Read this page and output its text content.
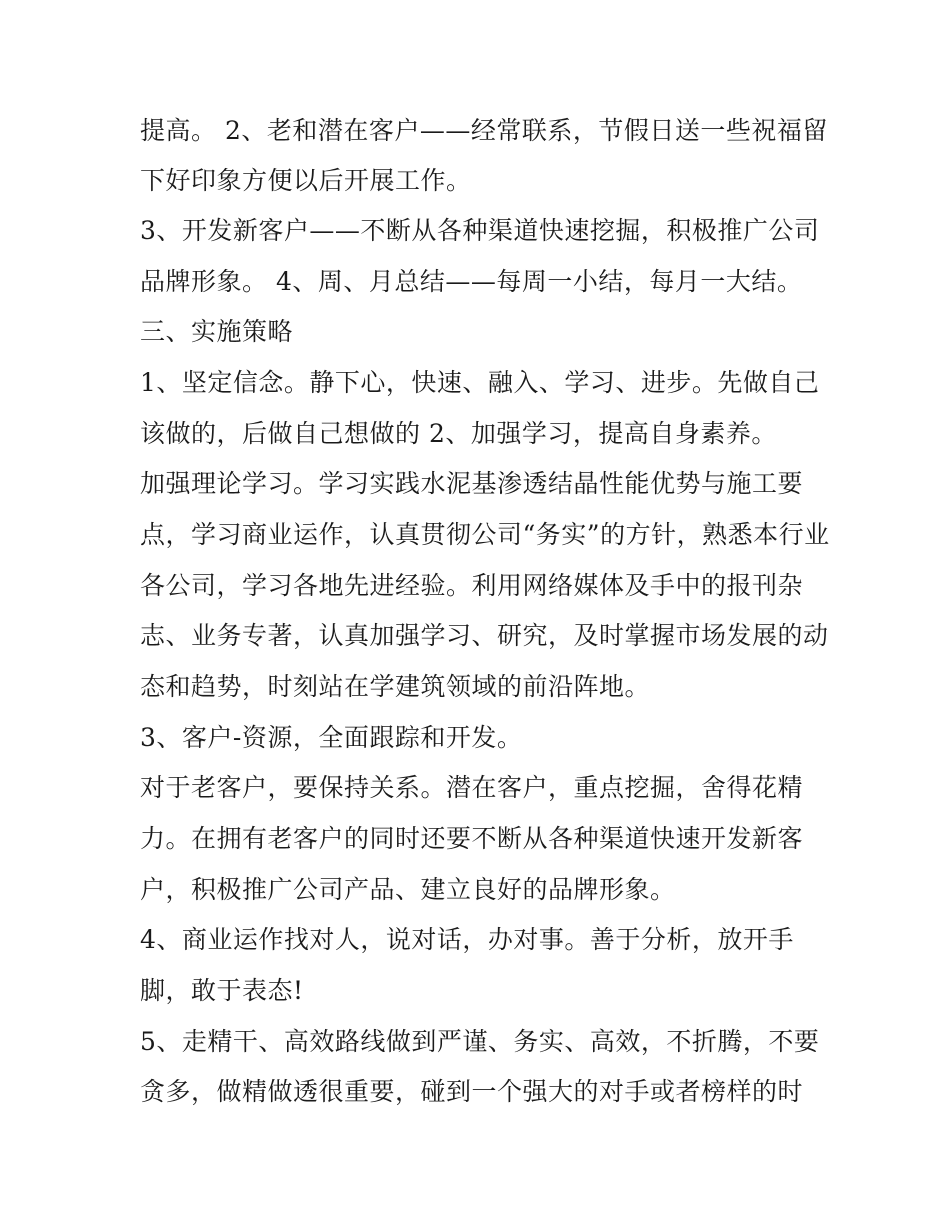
提高。 2、老和潜在客户——经常联系，节假日送一些祝福留
下好印象方便以后开展工作。
3、开发新客户——不断从各种渠道快速挖掘，积极推广公司
品牌形象。 4、周、月总结——每周一小结，每月一大结。
三、实施策略
1、坚定信念。静下心，快速、融入、学习、进步。先做自己
该做的，后做自己想做的 2、加强学习，提高自身素养。
加强理论学习。学习实践水泥基渗透结晶性能优势与施工要
点，学习商业运作，认真贯彻公司“务实”的方针，熟悉本行业
各公司，学习各地先进经验。利用网络媒体及手中的报刊杂
志、业务专著，认真加强学习、研究，及时掌握市场发展的动
态和趋势，时刻站在学建筑领域的前沿阵地。
3、客户-资源，全面跟踪和开发。
对于老客户，要保持关系。潜在客户，重点挖掘，舍得花精
力。在拥有老客户的同时还要不断从各种渠道快速开发新客
户，积极推广公司产品、建立良好的品牌形象。
4、商业运作找对人，说对话，办对事。善于分析，放开手
脚，敢于表态!
5、走精干、高效路线做到严谨、务实、高效，不折腾，不要
贪多，做精做透很重要，碰到一个强大的对手或者榜样的时
